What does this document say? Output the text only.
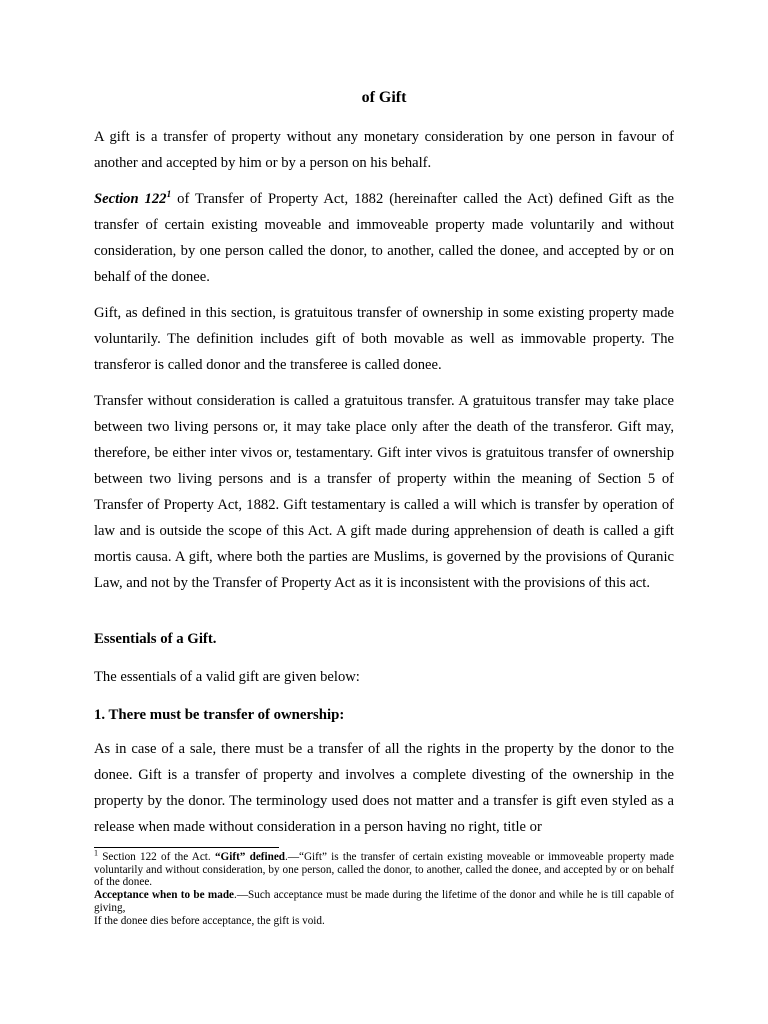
of Gift

A gift is a transfer of property without any monetary consideration by one person in favour of another and accepted by him or by a person on his behalf.

Section $122^1$ of Transfer of Property Act, 1882 (hereinafter called the Act) defined Gift as the transfer of certain existing moveable and immoveable property made voluntarily and without consideration, by one person called the donor, to another, called the donee, and accepted by or on behalf of the donee.

Gift, as defined in this section, is gratuitous transfer of ownership in some existing property made voluntarily. The definition includes gift of both movable as well as immovable property. The transferor is called donor and the transferee is called donee.

Transfer without consideration is called a gratuitous transfer. A gratuitous transfer may take place between two living persons or, it may take place only after the death of the transferor. Gift may, therefore, be either inter vivos or, testamentary. Gift inter vivos is gratuitous transfer of ownership between two living persons and is a transfer of property within the meaning of Section 5 of Transfer of Property Act, 1882. Gift testamentary is called a will which is transfer by operation of law and is outside the scope of this Act. A gift made during apprehension of death is called a gift mortis causa. A gift, where both the parties are Muslims, is governed by the provisions of Quranic Law, and not by the Transfer of Property Act as it is inconsistent with the provisions of this act.

Essentials of a Gift.

The essentials of a valid gift are given below:

1. There must be transfer of ownership:

As in case of a sale, there must be a transfer of all the rights in the property by the donor to the donee. Gift is a transfer of property and involves a complete divesting of the ownership in the property by the donor. The terminology used does not matter and a transfer is gift even styled as a release when made without consideration in a person having no right, title or

$^1$ Section 122 of the Act. “Gift” defined.—“Gift” is the transfer of certain existing moveable or immoveable property made voluntarily and without consideration, by one person, called the donor, to another, called the donee, and accepted by or on behalf of the donee.
Acceptance when to be made.—Such acceptance must be made during the lifetime of the donor and while he is till capable of giving,
If the donee dies before acceptance, the gift is void.
